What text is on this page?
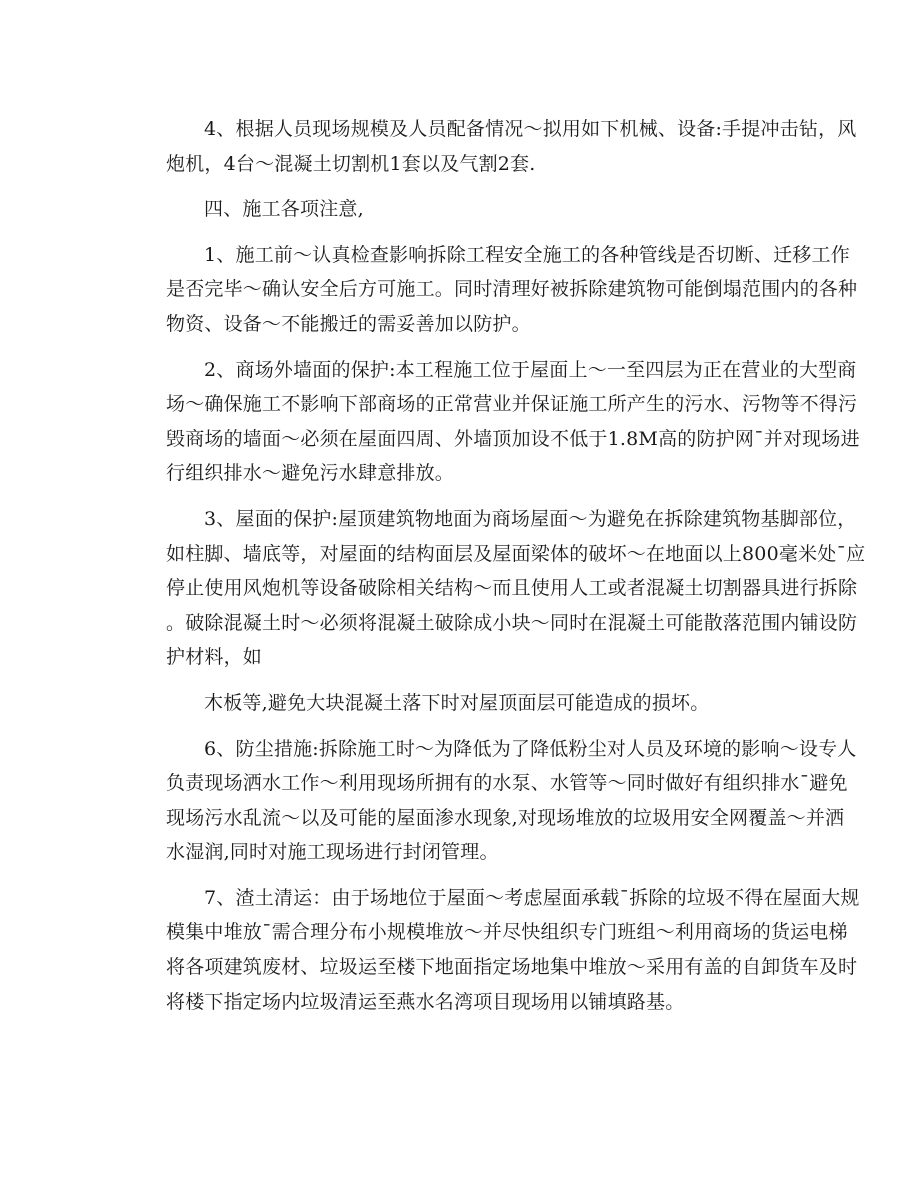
4、根据人员现场规模及人员配备情况～拟用如下机械、设备:手提冲击钻，风
炮机，4台～混凝土切割机1套以及气割2套.
四、施工各项注意,
1、施工前～认真检查影响拆除工程安全施工的各种管线是否切断、迁移工作
是否完毕～确认安全后方可施工。同时清理好被拆除建筑物可能倒塌范围内的各种
物资、设备～不能搬迁的需妥善加以防护。
2、商场外墙面的保护:本工程施工位于屋面上～一至四层为正在营业的大型商
场～确保施工不影响下部商场的正常营业并保证施工所产生的污水、污物等不得污
毁商场的墙面～必须在屋面四周、外墙顶加设不低于1.8M高的防护网ˉ并对现场进
行组织排水～避免污水肆意排放。
3、屋面的保护:屋顶建筑物地面为商场屋面～为避免在拆除建筑物基脚部位，
如柱脚、墙底等，对屋面的结构面层及屋面梁体的破坏～在地面以上800毫米处ˉ应
停止使用风炮机等设备破除相关结构～而且使用人工或者混凝土切割器具进行拆除
。破除混凝土时～必须将混凝土破除成小块～同时在混凝土可能散落范围内铺设防
护材料，如
木板等,避免大块混凝土落下时对屋顶面层可能造成的损坏。
6、防尘措施:拆除施工时～为降低为了降低粉尘对人员及环境的影响～设专人
负责现场洒水工作～利用现场所拥有的水泵、水管等～同时做好有组织排水ˉ避免
现场污水乱流～以及可能的屋面渗水现象,对现场堆放的垃圾用安全网覆盖～并洒
水湿润,同时对施工现场进行封闭管理。
7、渣土清运：由于场地位于屋面～考虑屋面承载ˉ拆除的垃圾不得在屋面大规
模集中堆放ˉ需合理分布小规模堆放～并尽快组织专门班组～利用商场的货运电梯
将各项建筑废材、垃圾运至楼下地面指定场地集中堆放～采用有盖的自卸货车及时
将楼下指定场内垃圾清运至燕水名湾项目现场用以铺填路基。
